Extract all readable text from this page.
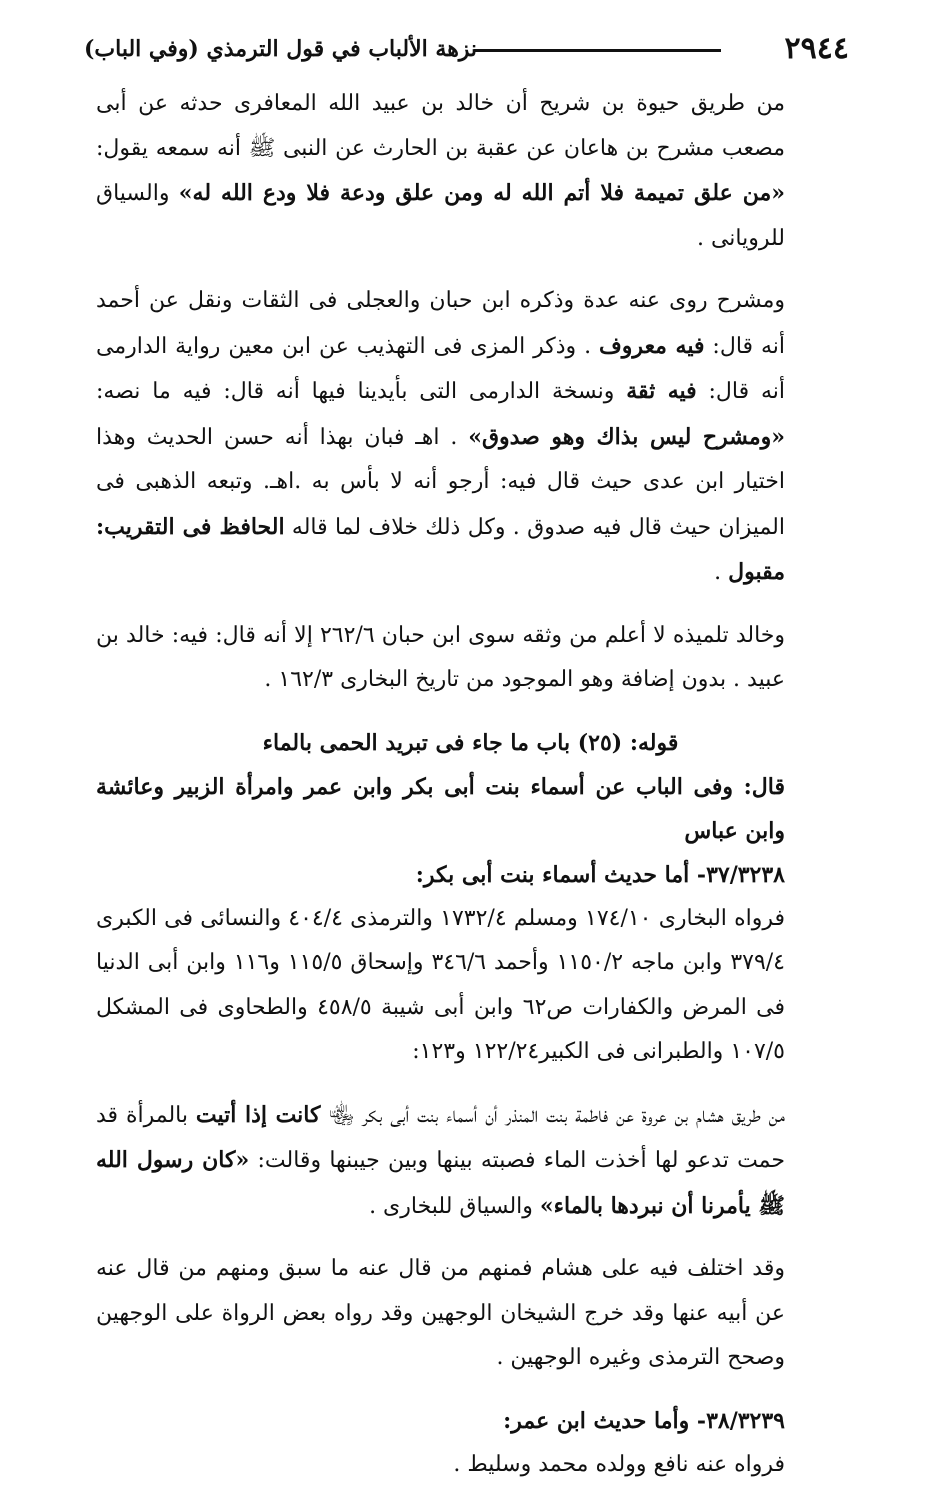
٢٩٤٤
نزهة الألباب في قول الترمذي (وفي الباب)

من طريق حيوة بن شريح أن خالد بن عبيد الله المعافرى حدثه عن أبى مصعب مشرح بن هاعان عن عقبة بن الحارث عن النبى ﷺ أنه سمعه يقول: «من علق تميمة فلا أتم الله له ومن علق ودعة فلا ودع الله له» والسياق للرويانى .

ومشرح روى عنه عدة وذكره ابن حبان والعجلى فى الثقات ونقل عن أحمد أنه قال: فيه معروف . وذكر المزى فى التهذيب عن ابن معين رواية الدارمى أنه قال: فيه ثقة ونسخة الدارمى التى بأيدينا فيها أنه قال: فيه ما نصه: «ومشرح ليس بذاك وهو صدوق» . اهـ فبان بهذا أنه حسن الحديث وهذا اختيار ابن عدى حيث قال فيه: أرجو أنه لا بأس به .اهـ. وتبعه الذهبى فى الميزان حيث قال فيه صدوق . وكل ذلك خلاف لما قاله الحافظ فى التقريب: مقبول .

وخالد تلميذه لا أعلم من وثقه سوى ابن حبان ٢٦٢/٦ إلا أنه قال: فيه: خالد بن عبيد . بدون إضافة وهو الموجود من تاريخ البخارى ١٦٢/٣ .

قوله: (٢٥) باب ما جاء فى تبريد الحمى بالماء

قال: وفى الباب عن أسماء بنت أبى بكر وابن عمر وامرأة الزبير وعائشة وابن عباس

٣٧/٣٢٣٨- أما حديث أسماء بنت أبى بكر:

فرواه البخارى ١٧٤/١٠ ومسلم ١٧٣٢/٤ والترمذى ٤٠٤/٤ والنسائى فى الكبرى ٣٧٩/٤ وابن ماجه ١١٥٠/٢ وأحمد ٣٤٦/٦ وإسحاق ١١٥/٥ و١١٦ وابن أبى الدنيا فى المرض والكفارات ص٦٢ وابن أبى شيبة ٤٥٨/٥ والطحاوى فى المشكل ١٠٧/٥ والطبرانى فى الكبير١٢٢/٢٤ و١٢٣:

من طريق هشام بن عروة عن فاطمة بنت المنذر أن أسماء بنت أبى بكر ﵄ كانت إذا أتيت بالمرأة قد حمت تدعو لها أخذت الماء فصبته بينها وبين جيبنها وقالت: «كان رسول الله ﷺ يأمرنا أن نبردها بالماء» والسياق للبخارى .

وقد اختلف فيه على هشام فمنهم من قال عنه ما سبق ومنهم من قال عنه عن أبيه عنها وقد خرج الشيخان الوجهين وقد رواه بعض الرواة على الوجهين وصحح الترمذى وغيره الوجهين .

٣٨/٣٢٣٩- وأما حديث ابن عمر:

فرواه عنه نافع وولده محمد وسليط .
